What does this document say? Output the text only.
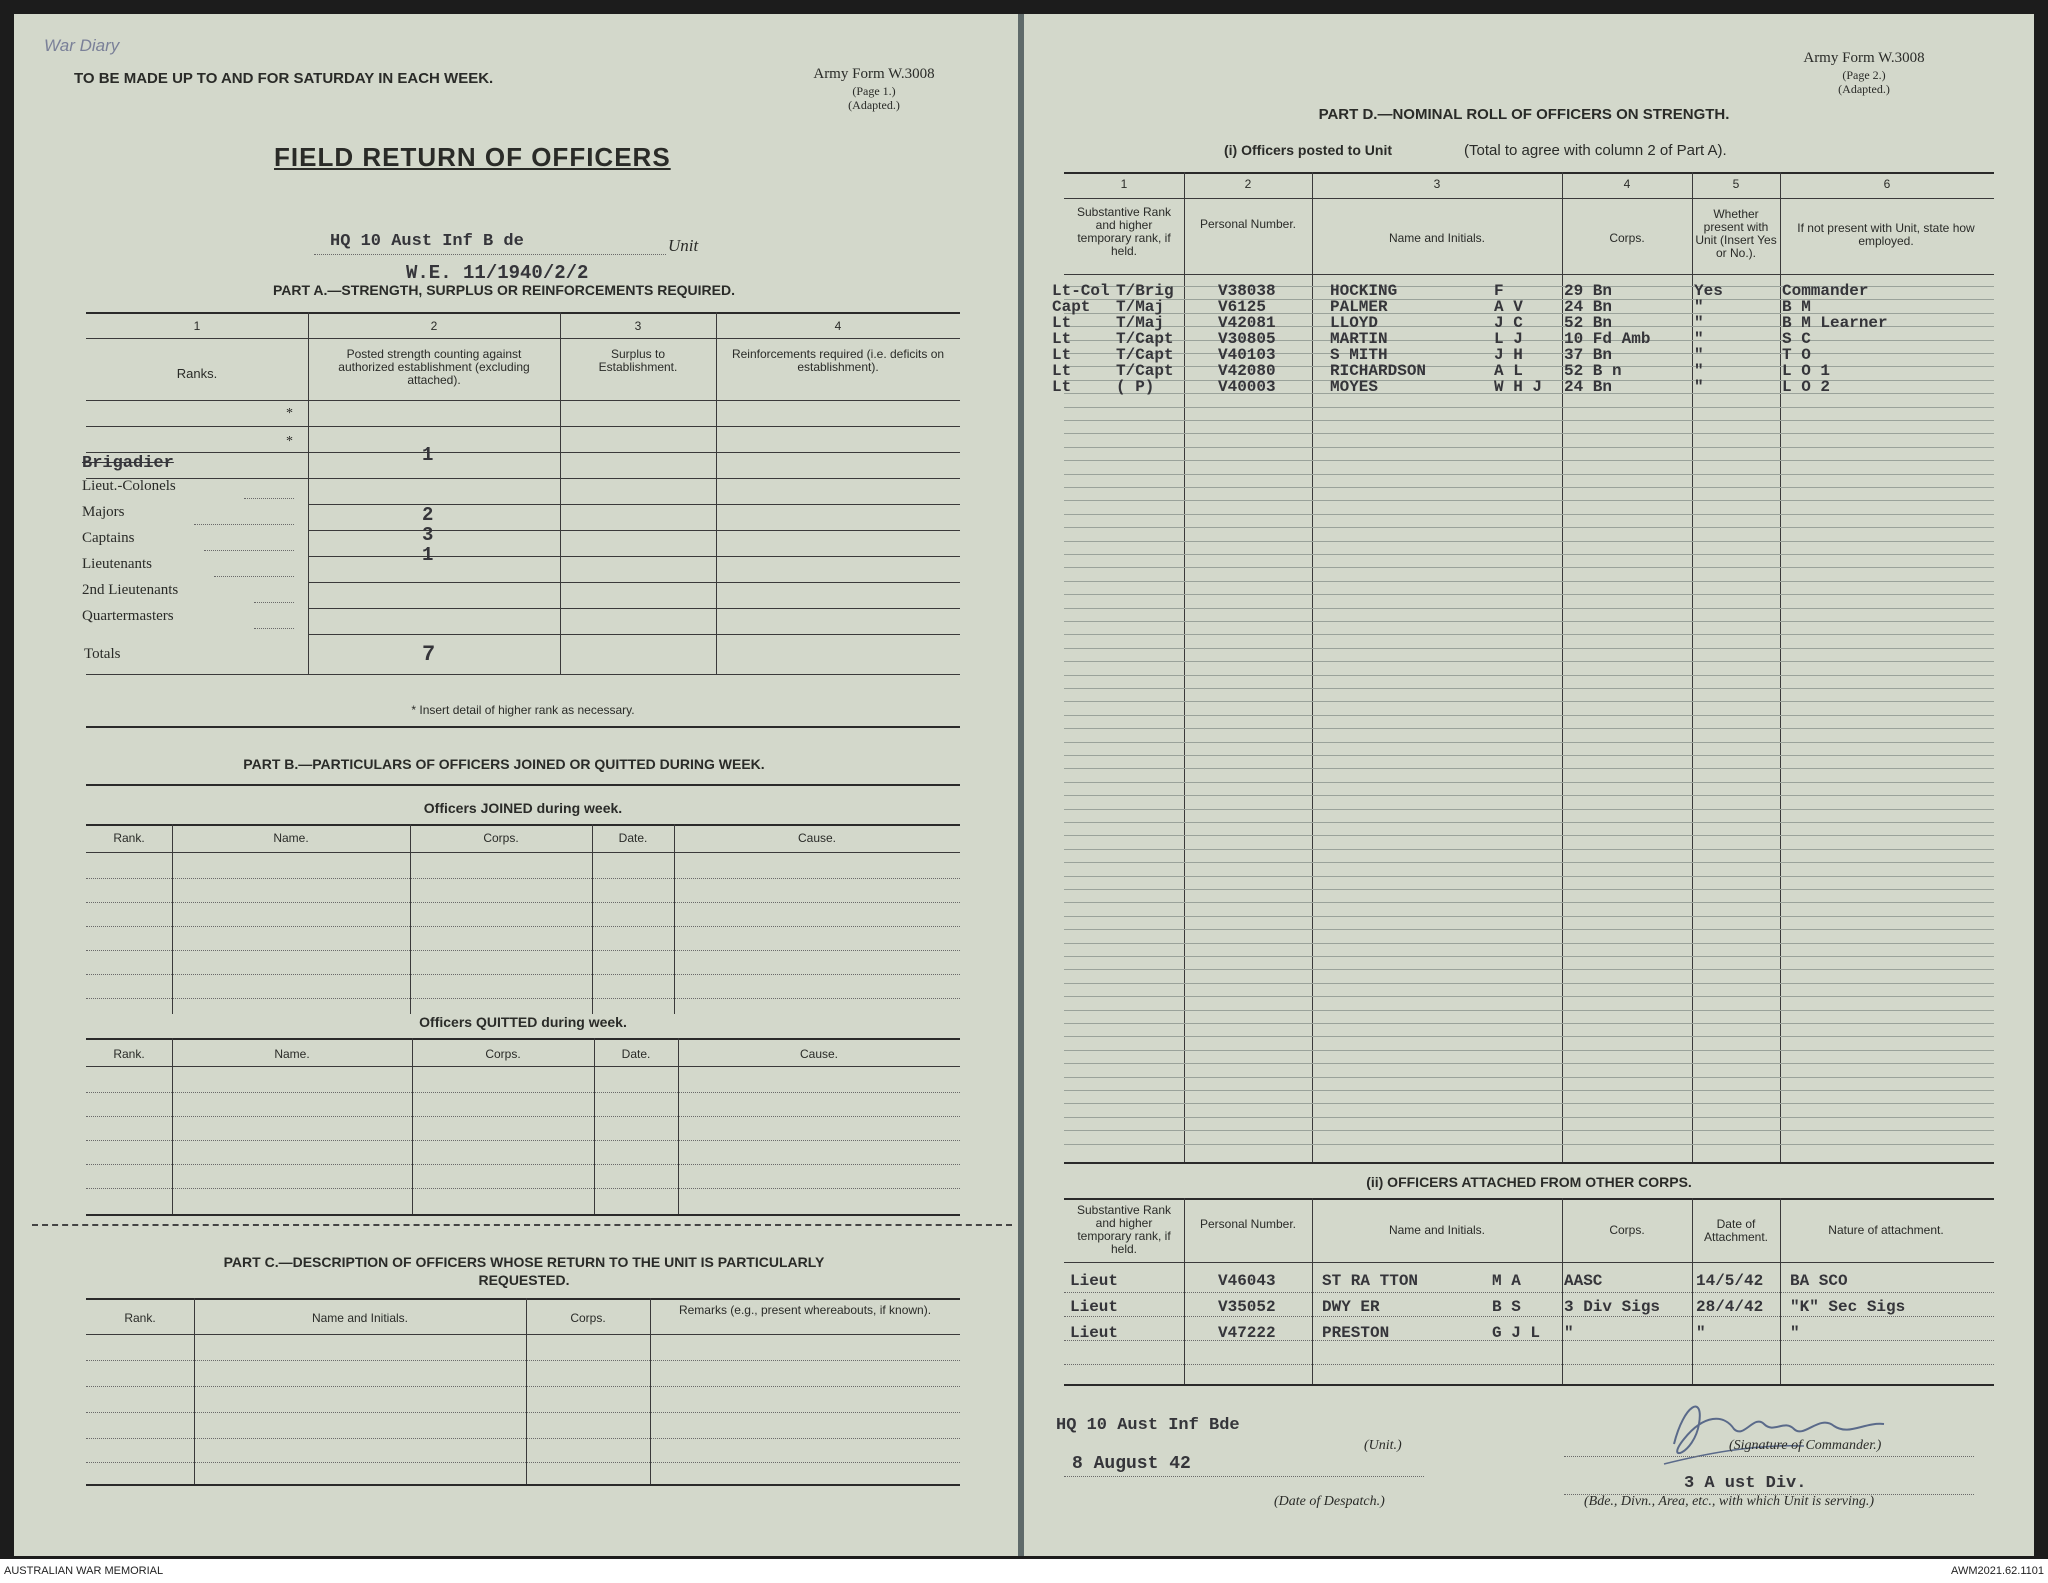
War Diary
TO BE MADE UP TO AND FOR SATURDAY IN EACH WEEK.	Army Form W.3008
(Page 1.)
(Adapted.)
FIELD RETURN OF OFFICERS
HQ 10 Aust Inf B de	Unit
W.E. 11/1940/2/2
PART A.—STRENGTH, SURPLUS OR REINFORCEMENTS REQUIRED.
1	2	3	4
Ranks.
Posted strength counting against authorized establishment (excluding attached).
Surplus to Establishment.
Reinforcements required (i.e. deficits on establishment).
*
*
Brigadier	1
Lieut.-Colonels
Majors	2
Captains	3
Lieutenants	1
2nd Lieutenants
Quartermasters
Totals	7
* Insert detail of higher rank as necessary.
PART B.—PARTICULARS OF OFFICERS JOINED OR QUITTED DURING WEEK.
Officers JOINED during week.
Rank.	Name.	Corps.	Date.	Cause.
Officers QUITTED during week.
Rank.	Name.	Corps.	Date.	Cause.
PART C.—DESCRIPTION OF OFFICERS WHOSE RETURN TO THE UNIT IS PARTICULARLY
REQUESTED.
Rank.	Name and Initials.	Corps.
Remarks (e.g., present whereabouts, if known).
Army Form W.3008
(Page 2.)
(Adapted.)
PART D.—NOMINAL ROLL OF OFFICERS ON STRENGTH.
(i) Officers posted to Unit	(Total to agree with column 2 of Part A).
1	2	3	4	5	6
Substantive Rank and higher temporary rank, if held.
Personal Number.
Name and Initials.	Corps.
Whether present with Unit (Insert Yes or No.).
If not present with Unit, state how employed.
Lt-Col T/Brig	V38038	HOCKING	F	29 Bn	Yes	Commander
Capt	T/Maj	V6125	PALMER	A V	24 Bn	"	B M
Lt	T/Maj	V42081	LLOYD	J C	52 Bn	"	B M Learner
Lt	T/Capt	V30805	MARTIN	L J	10 Fd Amb	"	S C
Lt	T/Capt	V40103	S MITH	J H	37 Bn	"	T O
Lt	T/Capt	V42080	RICHARDSON	A L	52 B n	"	L O 1
Lt	( P)	V40003	MOYES	W H J	24 Bn	"	L O 2
(ii) OFFICERS ATTACHED FROM OTHER CORPS.
Substantive Rank and higher temporary rank, if held.
Personal Number.	Name and Initials.	Corps.	Date of Attachment.	Nature of attachment.
Lieut	V46043	ST RA TTON	M A	AASC	14/5/42	BA SCO
Lieut	V35052	DWY ER	B S	3 Div Sigs	28/4/42	"K" Sec Sigs
Lieut	V47222	PRESTON	G J L	"	"	"
HQ 10 Aust Inf Bde
(Unit.)
8 August 42
(Date of Despatch.)
(Signature of Commander.)
3 A ust Div.
(Bde., Divn., Area, etc., with which Unit is serving.)
AUSTRALIAN WAR MEMORIAL	AWM2021.62.1101
